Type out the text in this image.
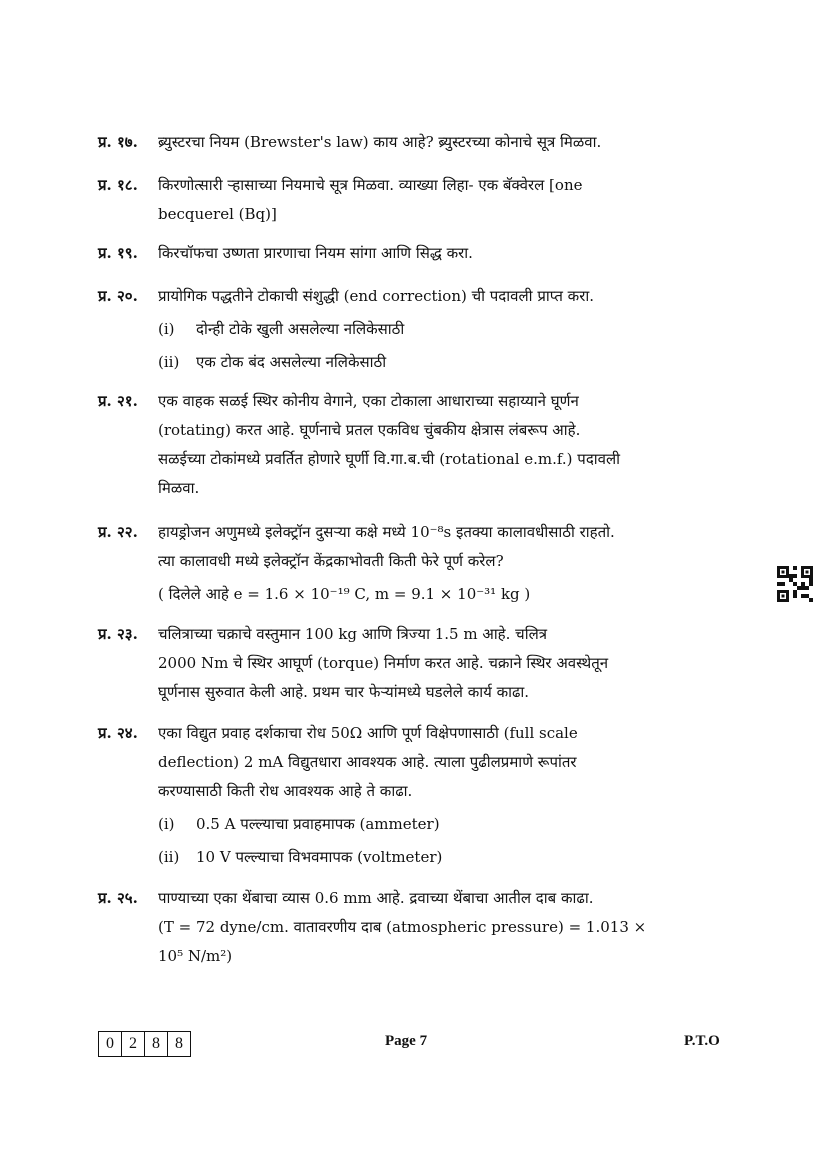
प्र. १७. ब्र्युस्टरचा नियम (Brewster's law) काय आहे? ब्र्युस्टरच्या कोनाचे सूत्र मिळवा.

प्र. १८. किरणोत्सारी ऱ्हासाच्या नियमाचे सूत्र मिळवा. व्याख्या लिहा- एक बॅक्वेरल [one

becquerel (Bq)]

प्र. १९. किरचॉफचा उष्णता प्रारणाचा नियम सांगा आणि सिद्ध करा.

प्र. २०. प्रायोगिक पद्धतीने टोकाची संशुद्धी (end correction) ची पदावली प्राप्त करा.

(i)	दोन्ही टोके खुली असलेल्या नलिकेसाठी
(ii)	एक टोक बंद असलेल्या नलिकेसाठी
प्र. २१. एक वाहक सळई स्थिर कोनीय वेगाने, एका टोकाला आधाराच्या सहाय्याने घूर्णन

(rotating) करत आहे. घूर्णनाचे प्रतल एकविध चुंबकीय क्षेत्रास लंबरूप आहे.

सळईच्या टोकांमध्ये प्रवर्तित होणारे घूर्णी वि.गा.ब.ची (rotational e.m.f.) पदावली

मिळवा.

प्र. २२. हायड्रोजन अणुमध्ये इलेक्ट्रॉन दुसऱ्या कक्षे मध्ये 10⁻⁸s इतक्या कालावधीसाठी राहतो.

त्या कालावधी मध्ये इलेक्ट्रॉन केंद्रकाभोवती किती फेरे पूर्ण करेल?

( दिलेले आहे e = 1.6 × 10⁻¹⁹ C, m = 9.1 × 10⁻³¹ kg )

प्र. २३. चलित्राच्या चक्राचे वस्तुमान 100 kg आणि त्रिज्या 1.5 m आहे. चलित्र

2000 Nm चे स्थिर आघूर्ण (torque) निर्माण करत आहे. चक्राने स्थिर अवस्थेतून

घूर्णनास सुरुवात केली आहे. प्रथम चार फेऱ्यांमध्ये घडलेले कार्य काढा.

प्र. २४. एका विद्युत प्रवाह दर्शकाचा रोध 50Ω आणि पूर्ण विक्षेपणासाठी (full scale

deflection) 2 mA विद्युतधारा आवश्यक आहे. त्याला पुढीलप्रमाणे रूपांतर

करण्यासाठी किती रोध आवश्यक आहे ते काढा.

(i)	0.5 A पल्ल्याचा प्रवाहमापक (ammeter)
(ii)	10 V पल्ल्याचा विभवमापक (voltmeter)
प्र. २५. पाण्याच्या एका थेंबाचा व्यास 0.6 mm आहे. द्रवाच्या थेंबाचा आतील दाब काढा.

(T = 72 dyne/cm. वातावरणीय दाब (atmospheric pressure) = 1.013 ×

10⁵ N/m²)

0 2 8 8	Page 7	P.T.O
